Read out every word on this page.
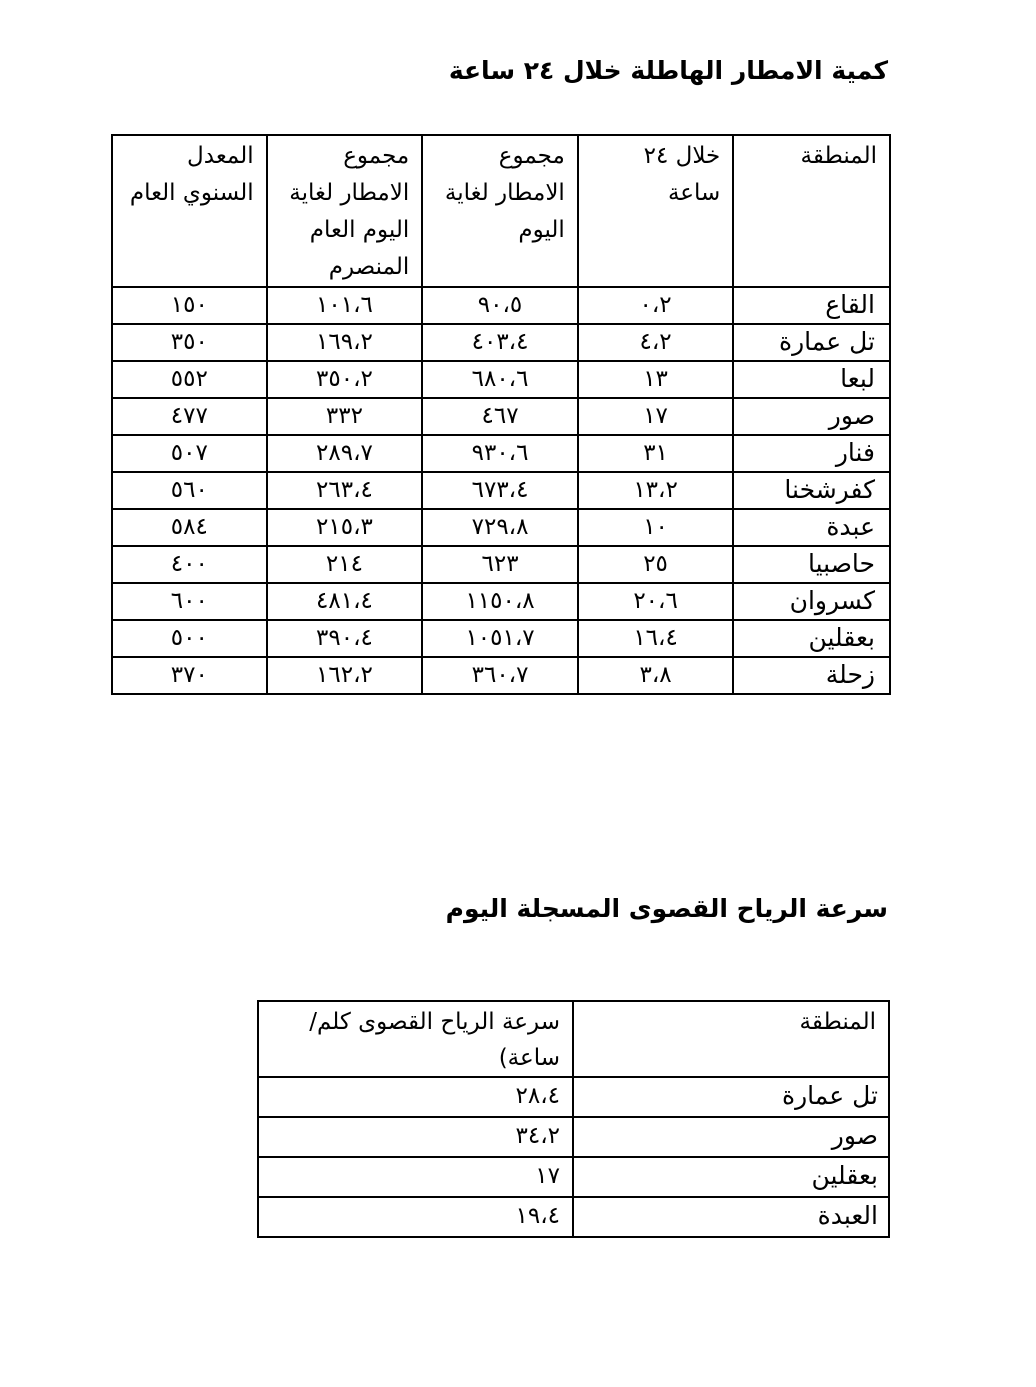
كمية الامطار الهاطلة خلال ٢٤ ساعة
المنطقة	خلال ٢٤ ساعة	مجموع الامطار لغاية اليوم	مجموع الامطار لغاية اليوم العام المنصرم	المعدل السنوي العام
القاع	٠،٢	٩٠،٥	١٠١،٦	١٥٠
تل عمارة	٤،٢	٤٠٣،٤	١٦٩،٢	٣٥٠
لبعا	١٣	٦٨٠،٦	٣٥٠،٢	٥٥٢
صور	١٧	٤٦٧	٣٣٢	٤٧٧
فنار	٣١	٩٣٠،٦	٢٨٩،٧	٥٠٧
كفرشخنا	١٣،٢	٦٧٣،٤	٢٦٣،٤	٥٦٠
عبدة	١٠	٧٢٩،٨	٢١٥،٣	٥٨٤
حاصبيا	٢٥	٦٢٣	٢١٤	٤٠٠
كسروان	٢٠،٦	١١٥٠،٨	٤٨١،٤	٦٠٠
بعقلين	١٦،٤	١٠٥١،٧	٣٩٠،٤	٥٠٠
زحلة	٣،٨	٣٦٠،٧	١٦٢،٢	٣٧٠
سرعة الرياح القصوى المسجلة اليوم
المنطقة	سرعة الرياح القصوى كلم/ساعة)
تل عمارة	٢٨،٤
صور	٣٤،٢
بعقلين	١٧
العبدة	١٩،٤
